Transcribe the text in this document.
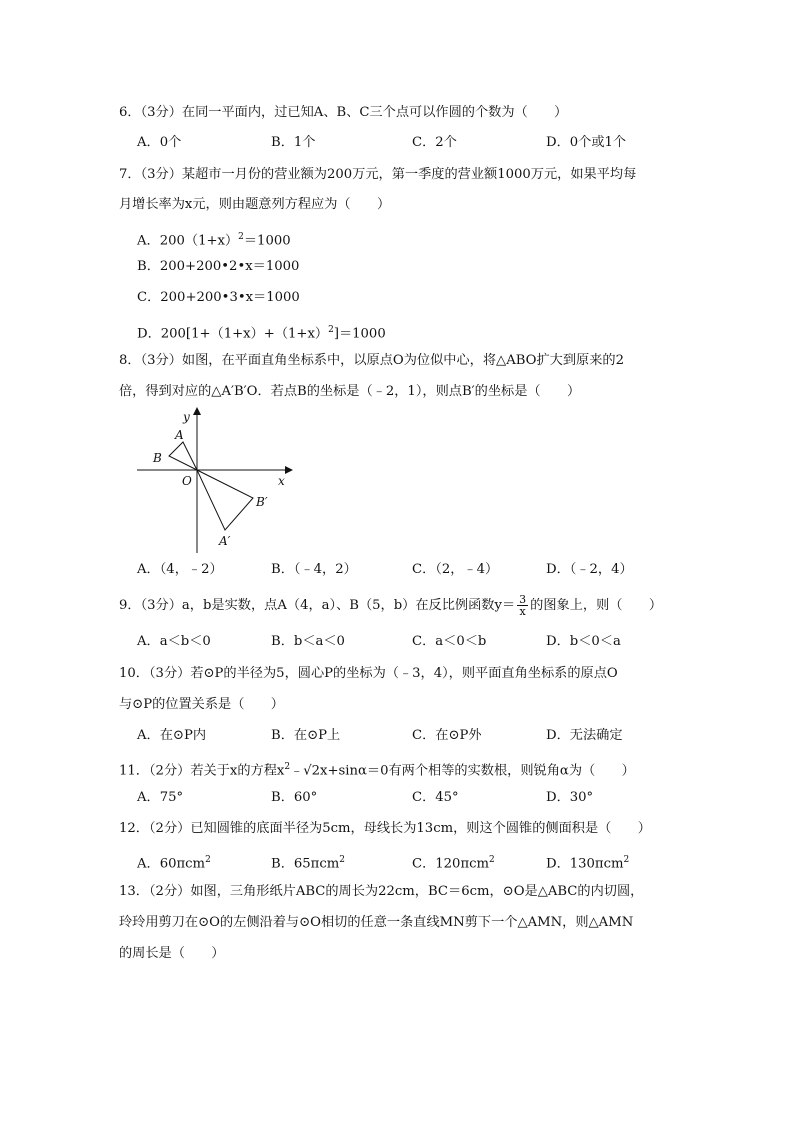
6．（3分）在同一平面内，过已知A、B、C三个点可以作圆的个数为（　　）
A．0个	B．1个	C．2个	D．0个或1个
7．（3分）某超市一月份的营业额为200万元，第一季度的营业额1000万元，如果平均每
月增长率为x元，则由题意列方程应为（　　）
A．$200(1+x)^2=1000$
B．200+200•2•x＝1000
C．200+200•3•x＝1000
D．$200[1+(1+x)+(1+x)^2]=1000$
8．（3分）如图，在平面直角坐标系中，以原点O为位似中心，将△ABO扩大到原来的2
倍，得到对应的△A′B′O．若点B的坐标是（﹣2，1），则点B′的坐标是（　　）
y
x
O
A
B
A′
B′
A．（4，﹣2）	B．（﹣4，2）	C．（2，﹣4）	D．（﹣2，4）
9．（3分）a，b是实数，点A（4，a）、B（5，b）在反比例函数$y= \frac{3}{x}$ 的图象上，则（　　）
A．a＜b＜0	B．b＜a＜0	C．a＜0＜b	D．b＜0＜a
10．（3分）若⊙P的半径为5，圆心P的坐标为（﹣3，4），则平面直角坐标系的原点O
与⊙P的位置关系是（　　）
A．在⊙P内	B．在⊙P上	C．在⊙P外	D．无法确定
11．（2分）若关于x的方程$x^2﹣√2x+\sin\alpha=0$有两个相等的实数根，则锐角α为（　　）
A．75°	B．60°	C．45°	D．30°
12．（2分）已知圆锥的底面半径为5cm，母线长为13cm，则这个圆锥的侧面积是（　　）
A．60πcm$^2$	B．65πcm$^2$	C．120πcm$^2$	D．130πcm$^2$
13．（2分）如图，三角形纸片ABC的周长为22cm，BC＝6cm，⊙O是△ABC的内切圆，
玲玲用剪刀在⊙O的左侧沿着与⊙O相切的任意一条直线MN剪下一个△AMN，则△AMN
的周长是（　　）
